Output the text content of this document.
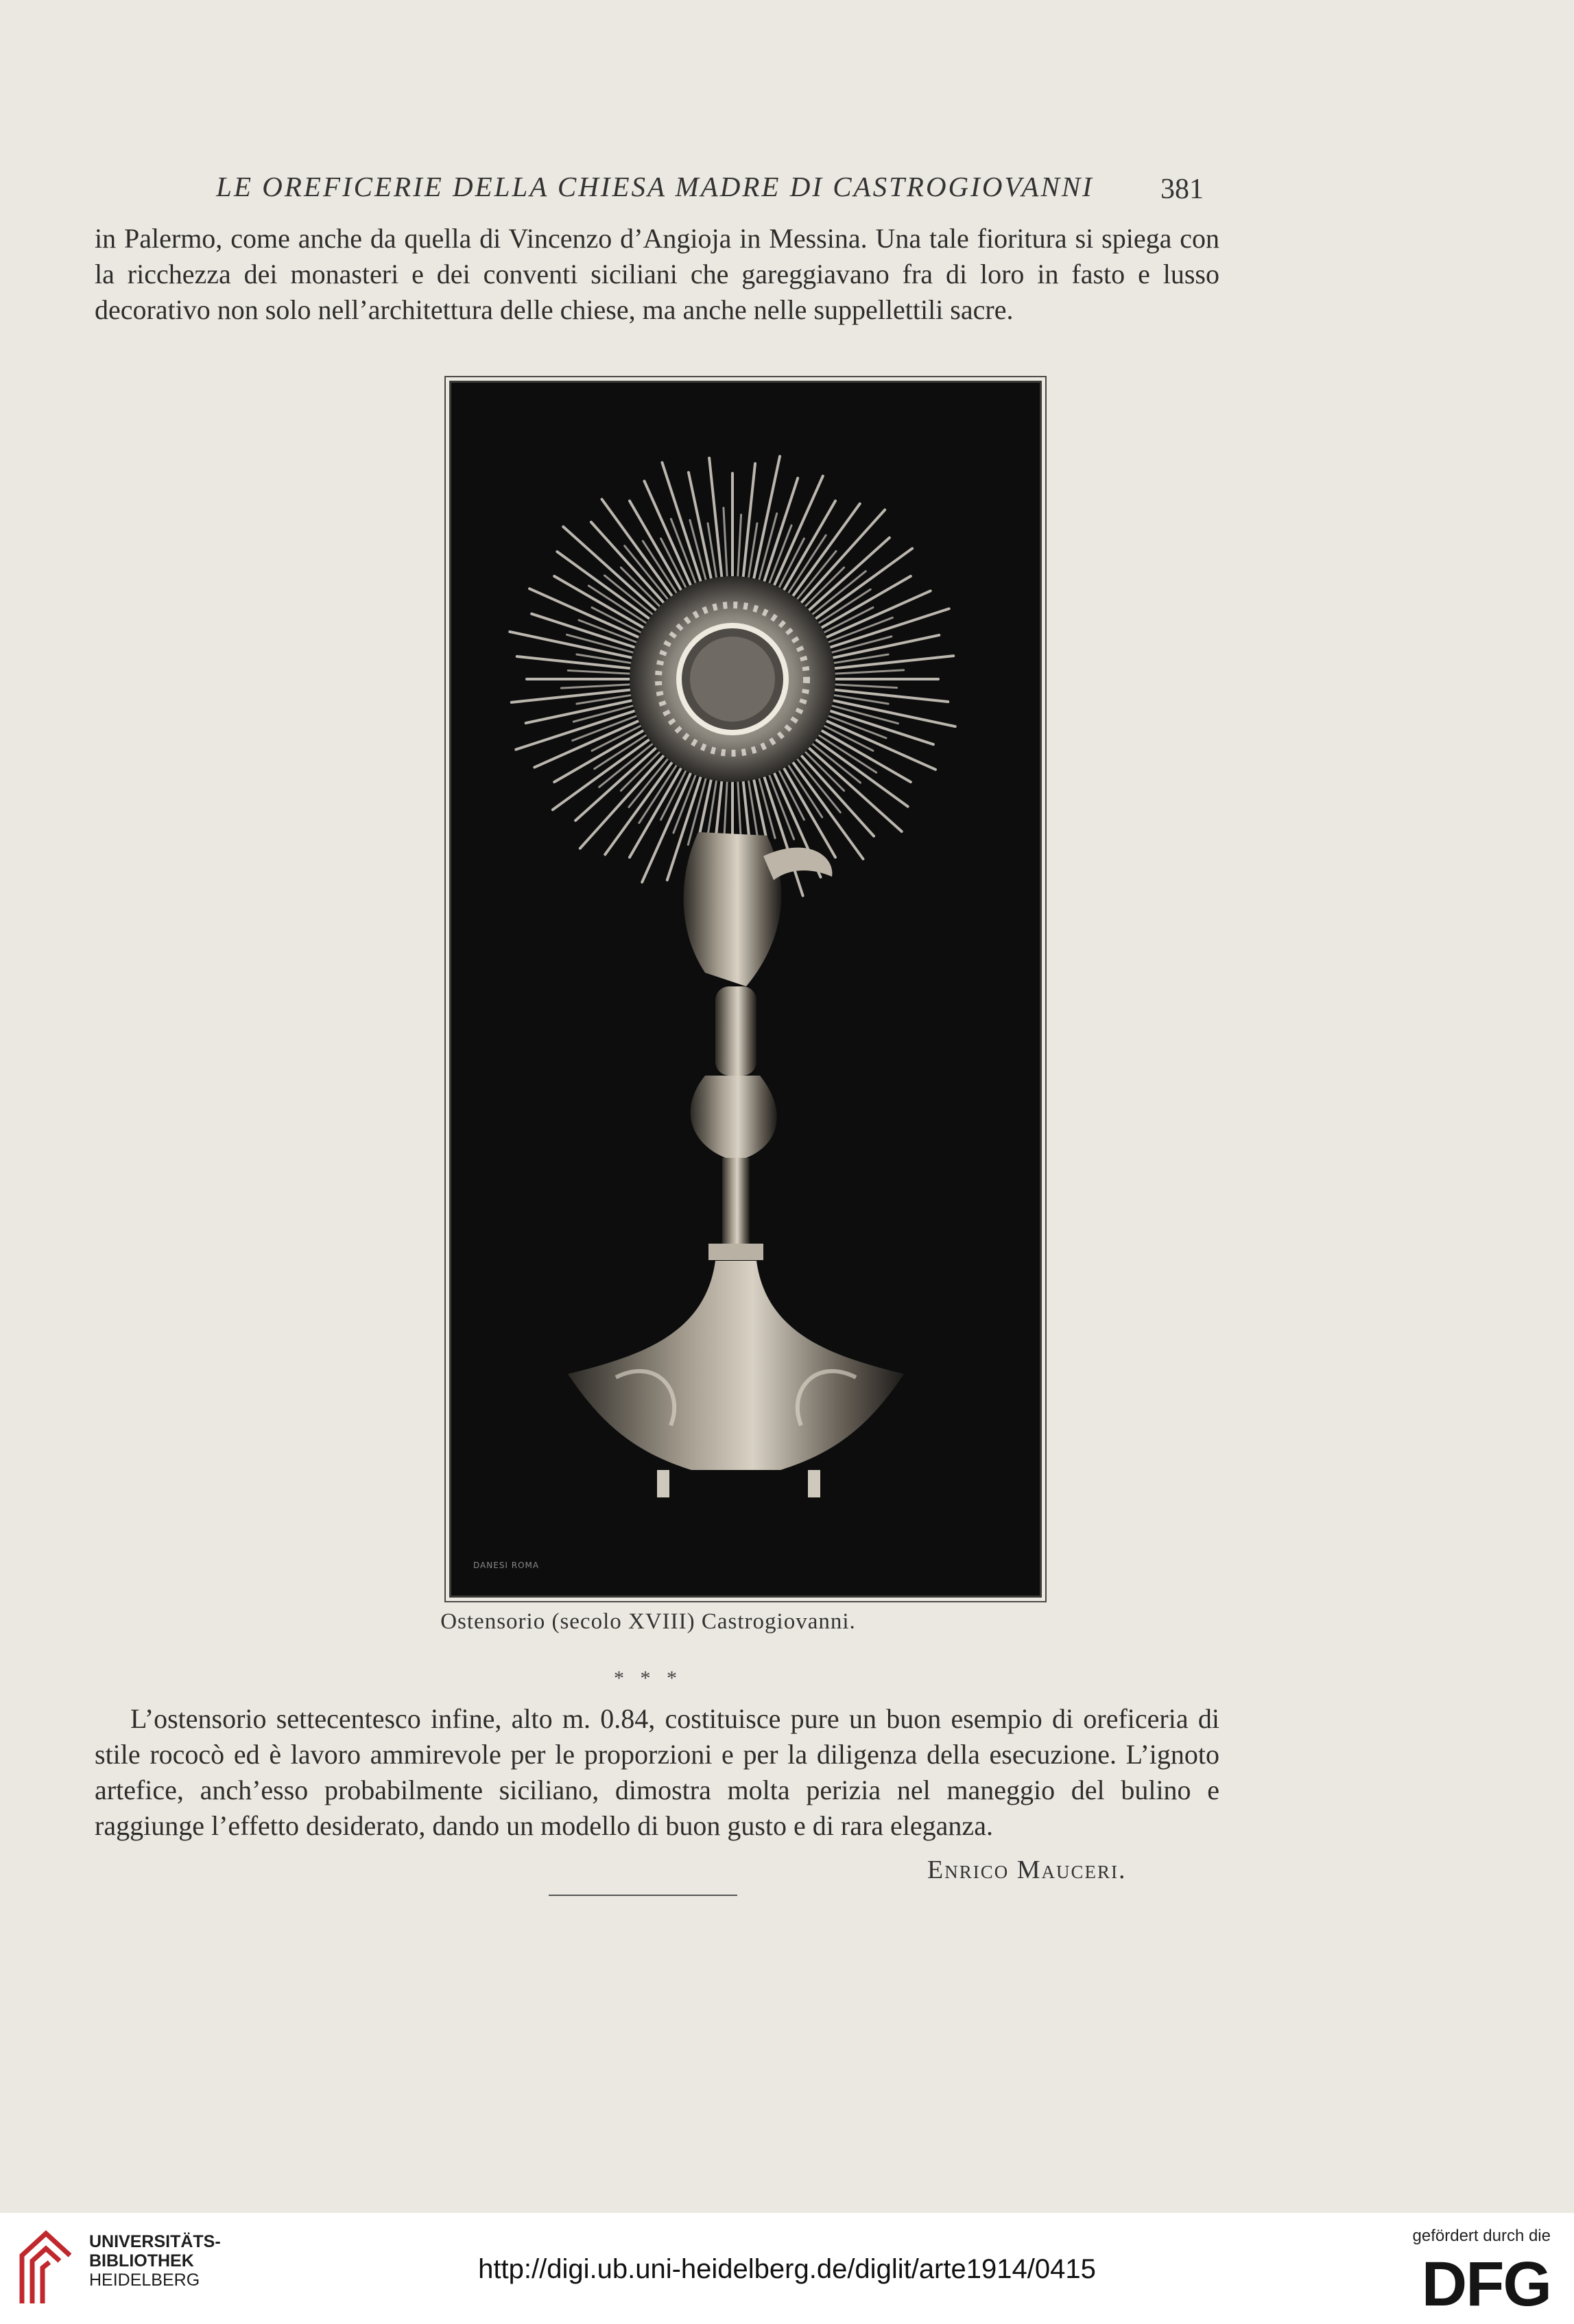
LE OREFICERIE DELLA CHIESA MADRE DI CASTROGIOVANNI	381

in Palermo, come anche da quella di Vincenzo d’Angioja in Messina. Una tale fioritura si spiega con la ricchezza dei monasteri e dei conventi siciliani che gareggiavano fra di loro in fasto e lusso decorativo non solo nell’architettura delle chiese, ma anche nelle suppellettili sacre.

DANESI ROMA
Ostensorio (secolo XVIII) Castrogiovanni.
* * *

L’ostensorio settecentesco infine, alto m. 0.84, costituisce pure un buon esempio di oreficeria di stile rococò ed è lavoro ammirevole per le proporzioni e per la diligenza della esecuzione. L’ignoto artefice, anch’esso probabilmente siciliano, dimostra molta perizia nel maneggio del bulino e raggiunge l’effetto desiderato, dando un modello di buon gusto e di rara eleganza.

Enrico Mauceri.
UNIVERSITÄTS-
BIBLIOTHEK
HEIDELBERG	http://digi.ub.uni-heidelberg.de/diglit/arte1914/0415
gefördert durch die
DFG
